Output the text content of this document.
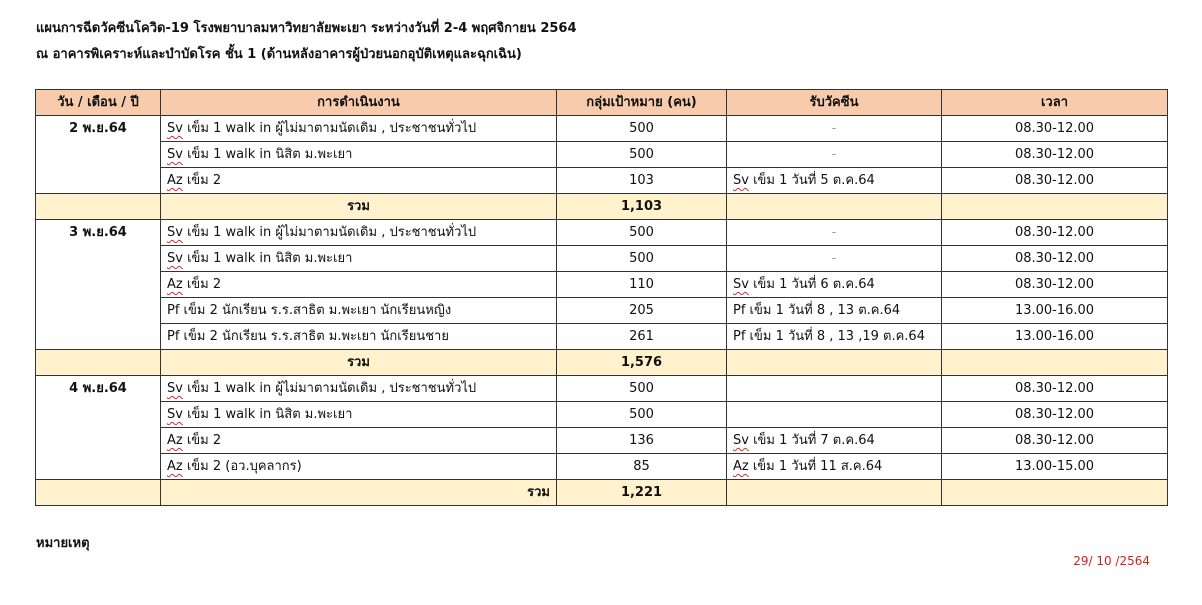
แผนการฉีดวัคซีนโควิด-19 โรงพยาบาลมหาวิทยาลัยพะเยา ระหว่างวันที่ 2-4 พฤศจิกายน 2564
ณ อาคารพิเคราะห์และบำบัดโรค ชั้น 1 (ด้านหลังอาคารผู้ป่วยนอกอุบัติเหตุและฉุกเฉิน)
วัน / เดือน / ปี	การดำเนินงาน	กลุ่มเป้าหมาย (คน)	รับวัคซีน	เวลา
2 พ.ย.64	Sv เข็ม 1 walk in ผู้ไม่มาตามนัดเดิม , ประชาชนทั่วไป	500	-	08.30-12.00
	Sv เข็ม 1 walk in นิสิต ม.พะเยา	500	-	08.30-12.00
	Az เข็ม 2	103	Sv เข็ม 1 วันที่ 5 ต.ค.64	08.30-12.00
	รวม	1,103		
3 พ.ย.64	Sv เข็ม 1 walk in ผู้ไม่มาตามนัดเดิม , ประชาชนทั่วไป	500	-	08.30-12.00
	Sv เข็ม 1 walk in นิสิต ม.พะเยา	500	-	08.30-12.00
	Az เข็ม 2	110	Sv เข็ม 1 วันที่ 6 ต.ค.64	08.30-12.00
	Pf เข็ม 2 นักเรียน ร.ร.สาธิต ม.พะเยา นักเรียนหญิง	205	Pf เข็ม 1 วันที่ 8 , 13 ต.ค.64	13.00-16.00
	Pf เข็ม 2 นักเรียน ร.ร.สาธิต ม.พะเยา นักเรียนชาย	261	Pf เข็ม 1 วันที่ 8 , 13 ,19 ต.ค.64	13.00-16.00
	รวม	1,576		
4 พ.ย.64	Sv เข็ม 1 walk in ผู้ไม่มาตามนัดเดิม , ประชาชนทั่วไป	500		08.30-12.00
	Sv เข็ม 1 walk in นิสิต ม.พะเยา	500		08.30-12.00
	Az เข็ม 2	136	Sv เข็ม 1 วันที่ 7 ต.ค.64	08.30-12.00
	Az เข็ม 2 (อว.บุคลากร)	85	Az เข็ม 1 วันที่ 11 ส.ค.64	13.00-15.00
	รวม	1,221		
หมายเหตุ
29/ 10 /2564
